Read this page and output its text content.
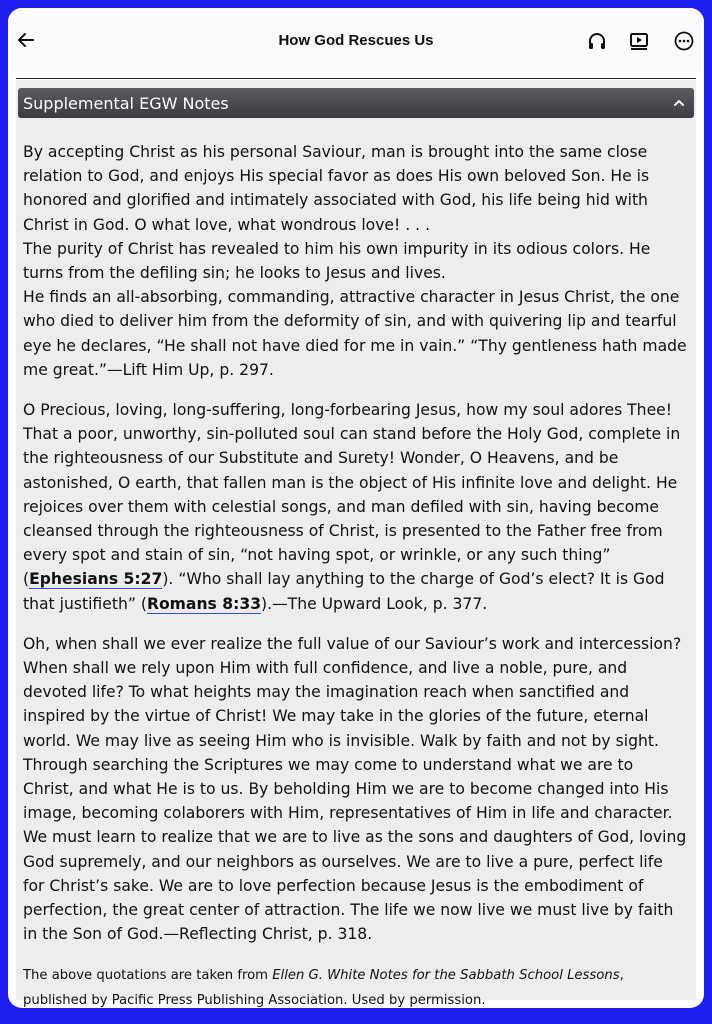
How God Rescues Us
Supplemental EGW Notes

By accepting Christ as his personal Saviour, man is brought into the same close relation to God, and enjoys His special favor as does His own beloved Son. He is honored and glorified and intimately associated with God, his life being hid with Christ in God. O what love, what wondrous love! . . .
The purity of Christ has revealed to him his own impurity in its odious colors. He turns from the defiling sin; he looks to Jesus and lives.
He finds an all-absorbing, commanding, attractive character in Jesus Christ, the one who died to deliver him from the deformity of sin, and with quivering lip and tearful eye he declares, “He shall not have died for me in vain.” “Thy gentleness hath made me great.”—Lift Him Up, p. 297.

O Precious, loving, long-suffering, long-forbearing Jesus, how my soul adores Thee! That a poor, unworthy, sin-polluted soul can stand before the Holy God, complete in the righteousness of our Substitute and Surety! Wonder, O Heavens, and be astonished, O earth, that fallen man is the object of His infinite love and delight. He rejoices over them with celestial songs, and man defiled with sin, having become cleansed through the righteousness of Christ, is presented to the Father free from every spot and stain of sin, “not having spot, or wrinkle, or any such thing” (Ephesians 5:27). “Who shall lay anything to the charge of God’s elect? It is God that justifieth” (Romans 8:33).—The Upward Look, p. 377.

Oh, when shall we ever realize the full value of our Saviour’s work and intercession? When shall we rely upon Him with full confidence, and live a noble, pure, and devoted life? To what heights may the imagination reach when sanctified and inspired by the virtue of Christ! We may take in the glories of the future, eternal world. We may live as seeing Him who is invisible. Walk by faith and not by sight.
Through searching the Scriptures we may come to understand what we are to Christ, and what He is to us. By beholding Him we are to become changed into His image, becoming colaborers with Him, representatives of Him in life and character. We must learn to realize that we are to live as the sons and daughters of God, loving God supremely, and our neighbors as ourselves. We are to live a pure, perfect life for Christ’s sake. We are to love perfection because Jesus is the embodiment of perfection, the great center of attraction. The life we now live we must live by faith in the Son of God.—Reflecting Christ, p. 318.

The above quotations are taken from Ellen G. White Notes for the Sabbath School Lessons, published by Pacific Press Publishing Association. Used by permission.
